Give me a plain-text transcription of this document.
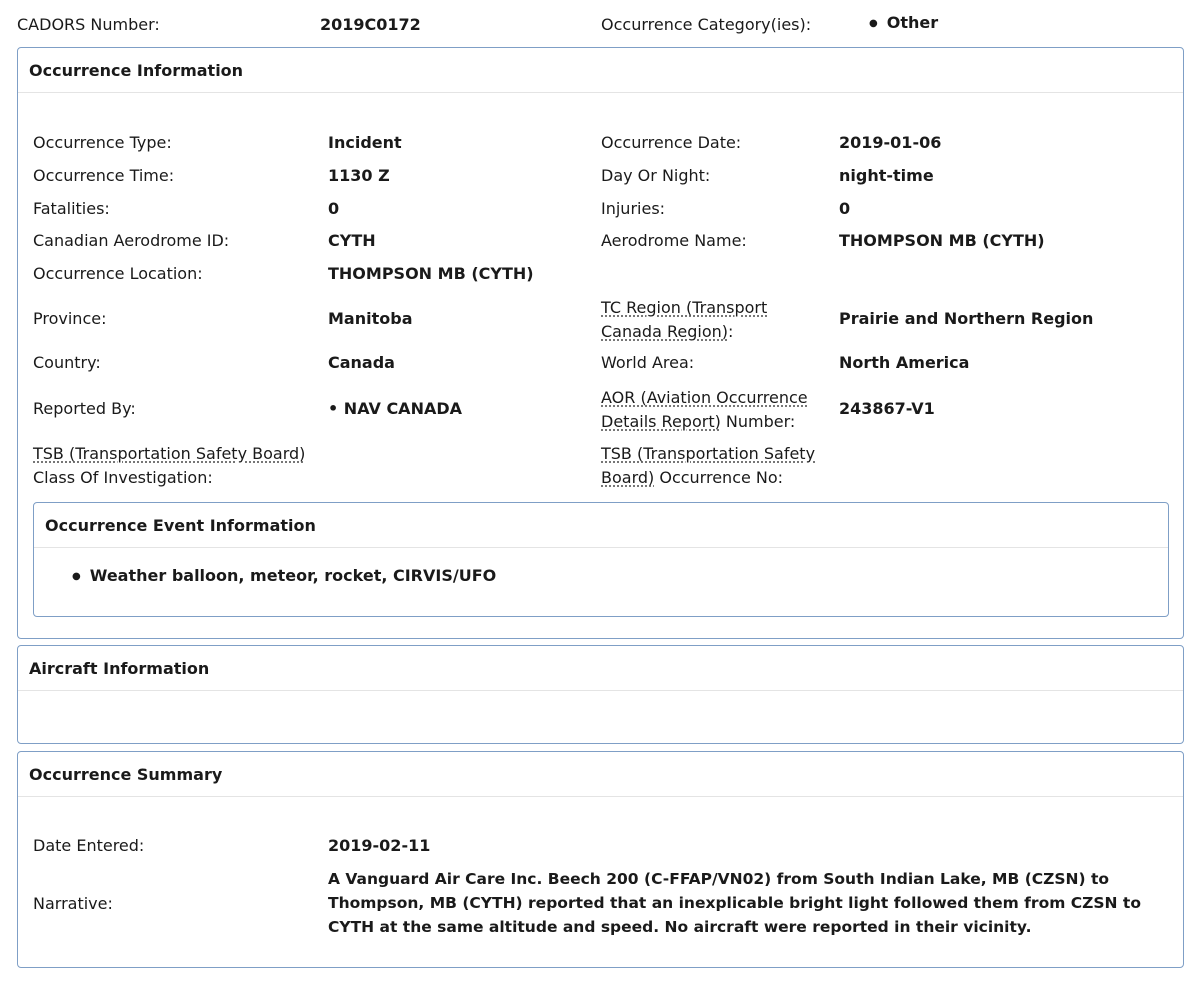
CADORS Number:	2019C0172	Occurrence Category(ies):
●	Other
Occurrence Information
Occurrence Type:	Incident
Occurrence Time:	1130 Z
Fatalities:	0
Canadian Aerodrome ID:	CYTH
Occurrence Location:	THOMPSON MB (CYTH)
Province:	Manitoba
Country:	Canada
Reported By:	• NAV CANADA
TSB (Transportation Safety Board)
Class Of Investigation:
Occurrence Date:	2019-01-06
Day Or Night:	night-time
Injuries:	0
Aerodrome Name:	THOMPSON MB (CYTH)
TC Region (Transport Canada Region):
Prairie and Northern Region
World Area:	North America
AOR (Aviation Occurrence Details Report) Number:
243867-V1
TSB (Transportation Safety Board) Occurrence No:
Occurrence Event Information
● Weather balloon, meteor, rocket, CIRVIS/UFO
Aircraft Information
Occurrence Summary
Date Entered:	2019-02-11
Narrative:
A Vanguard Air Care Inc. Beech 200 (C-FFAP/VN02) from South Indian Lake, MB (CZSN) to Thompson, MB (CYTH) reported that an inexplicable bright light followed them from CZSN to CYTH at the same altitude and speed. No aircraft were reported in their vicinity.
